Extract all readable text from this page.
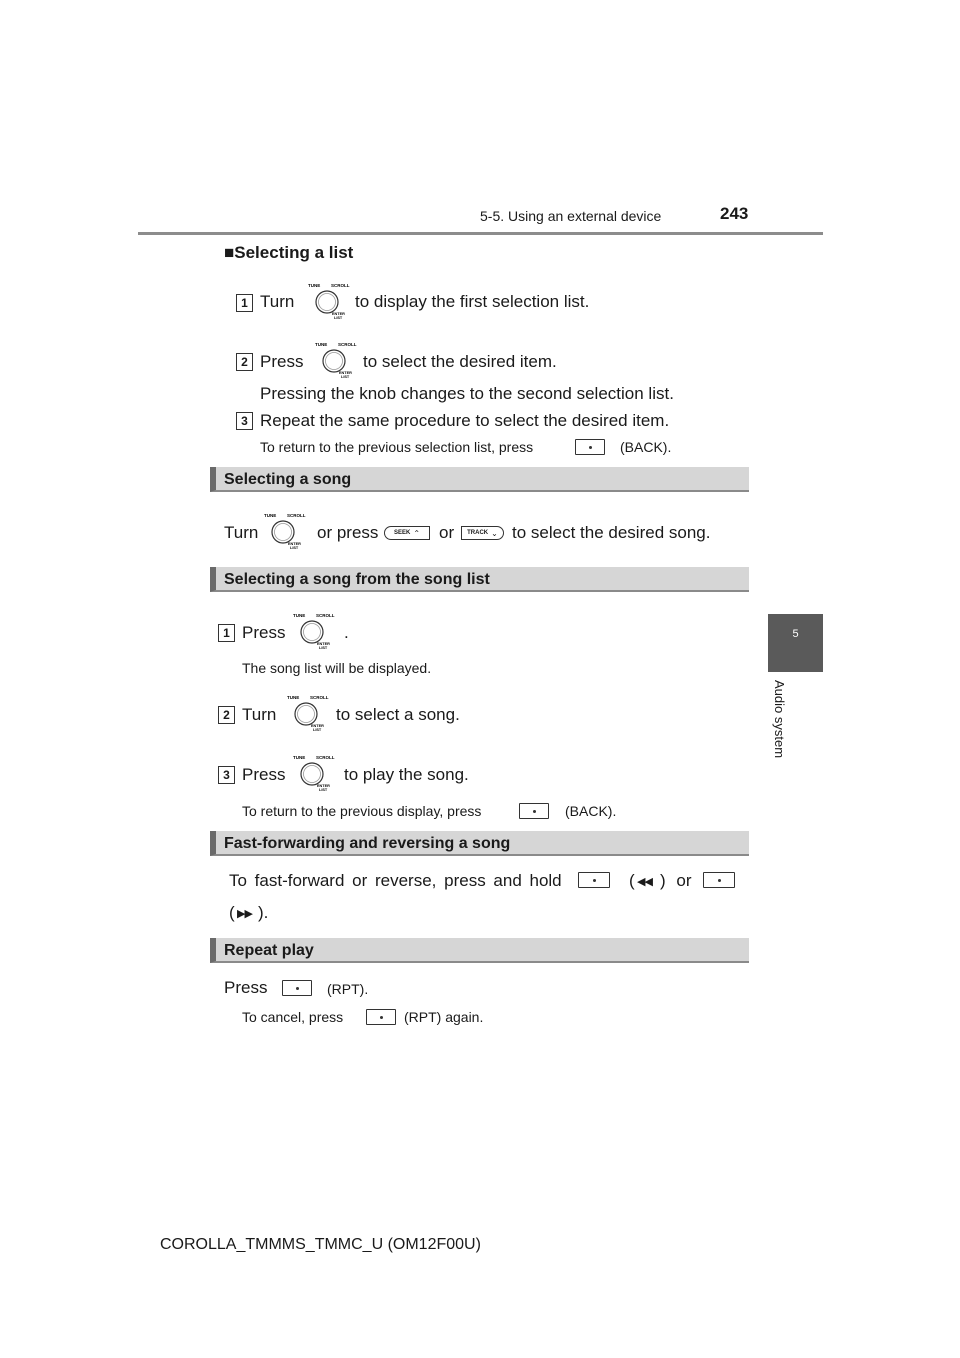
5-5. Using an external device	243
5
Audio system
■Selecting a list
1 Turn
TUNE SCROLL
ENTER
LIST
to display the first selection list.
2 Press
TUNE SCROLL
ENTER
LIST
to select the desired item.
Pressing the knob changes to the second selection list.
3 Repeat the same procedure to select the desired item.
To return to the previous selection list, press	(BACK).
Selecting a song
Turn
TUNE SCROLL
ENTER
LIST
or press	SEEK ⌃ or TRACK ⌄ to select the desired song.
Selecting a song from the song list
1 Press
TUNE SCROLL
ENTER
LIST
.
The song list will be displayed.
2 Turn
TUNE SCROLL
ENTER
LIST
to select a song.
3 Press
TUNE SCROLL
ENTER
LIST
to play the song.
To return to the previous display, press	(BACK).
Fast-forwarding and reversing a song
To fast-forward or reverse, press and hold	( ◀◀ ) or
( ▶▶ ).
Repeat play
Press	(RPT).
To cancel, press	(RPT) again.
COROLLA_TMMMS_TMMC_U (OM12F00U)
